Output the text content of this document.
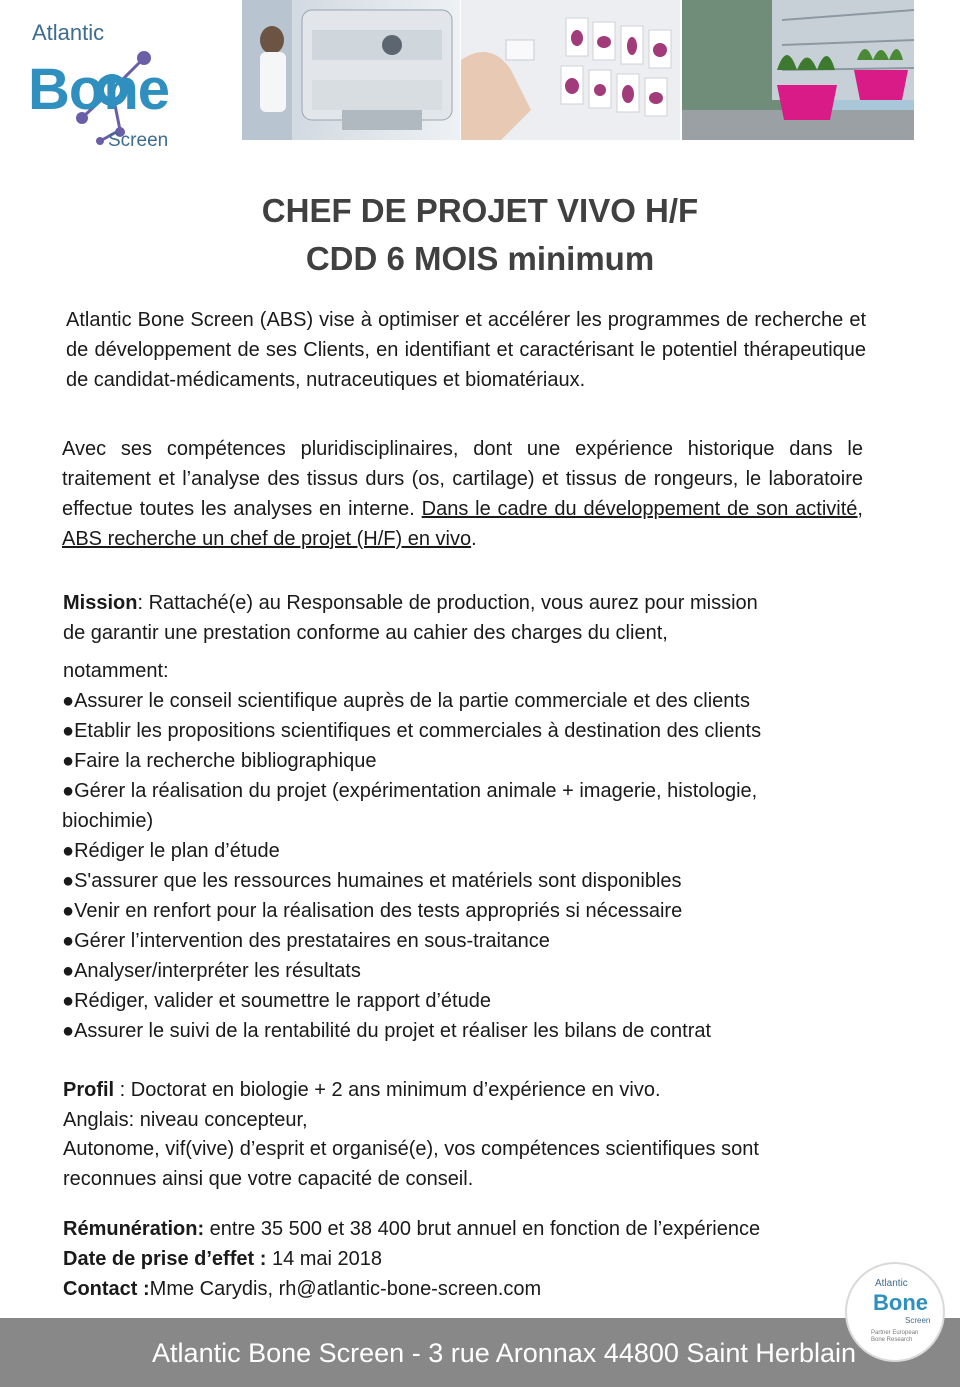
Atlantic
Bone
Screen
CHEF DE PROJET VIVO H/F
CDD 6 MOIS minimum

Atlantic Bone Screen (ABS) vise à optimiser et accélérer les programmes de recherche et de développement de ses Clients, en identifiant et caractérisant le potentiel thérapeutique de candidat-médicaments, nutraceutiques et biomatériaux.

Avec ses compétences pluridisciplinaires, dont une expérience historique dans le traitement et l’analyse des tissus durs (os, cartilage) et tissus de rongeurs, le laboratoire effectue toutes les analyses en interne. Dans le cadre du développement de son activité, ABS recherche un chef de projet (H/F) en vivo.

Mission: Rattaché(e) au Responsable de production, vous aurez pour mission

de garantir une prestation conforme au cahier des charges du client,

notamment:

●Assurer le conseil scientifique auprès de la partie commerciale et des clients
●Etablir les propositions scientifiques et commerciales à destination des clients
●Faire la recherche bibliographique
●Gérer la réalisation du projet (expérimentation animale + imagerie, histologie, biochimie)
●Rédiger le plan d’étude
●S'assurer que les ressources humaines et matériels sont disponibles
●Venir en renfort pour la réalisation des tests appropriés si nécessaire
●Gérer l’intervention des prestataires en sous-traitance
●Analyser/interpréter les résultats
●Rédiger, valider et soumettre le rapport d’étude
●Assurer le suivi de la rentabilité du projet et réaliser les bilans de contrat

Profil : Doctorat en biologie + 2 ans minimum d’expérience en vivo.

Anglais: niveau concepteur,

Autonome, vif(vive) d’esprit et organisé(e), vos compétences scientifiques sont

reconnues ainsi que votre capacité de conseil.

Rémunération: entre 35 500 et 38 400 brut annuel en fonction de l’expérience

Date de prise d’effet : 14 mai 2018

Contact :Mme Carydis, rh@atlantic-bone-screen.com

Atlantic Bone Screen - 3 rue Aronnax 44800 Saint Herblain
Atlantic
Bone
Screen
Partner European Bone Research
